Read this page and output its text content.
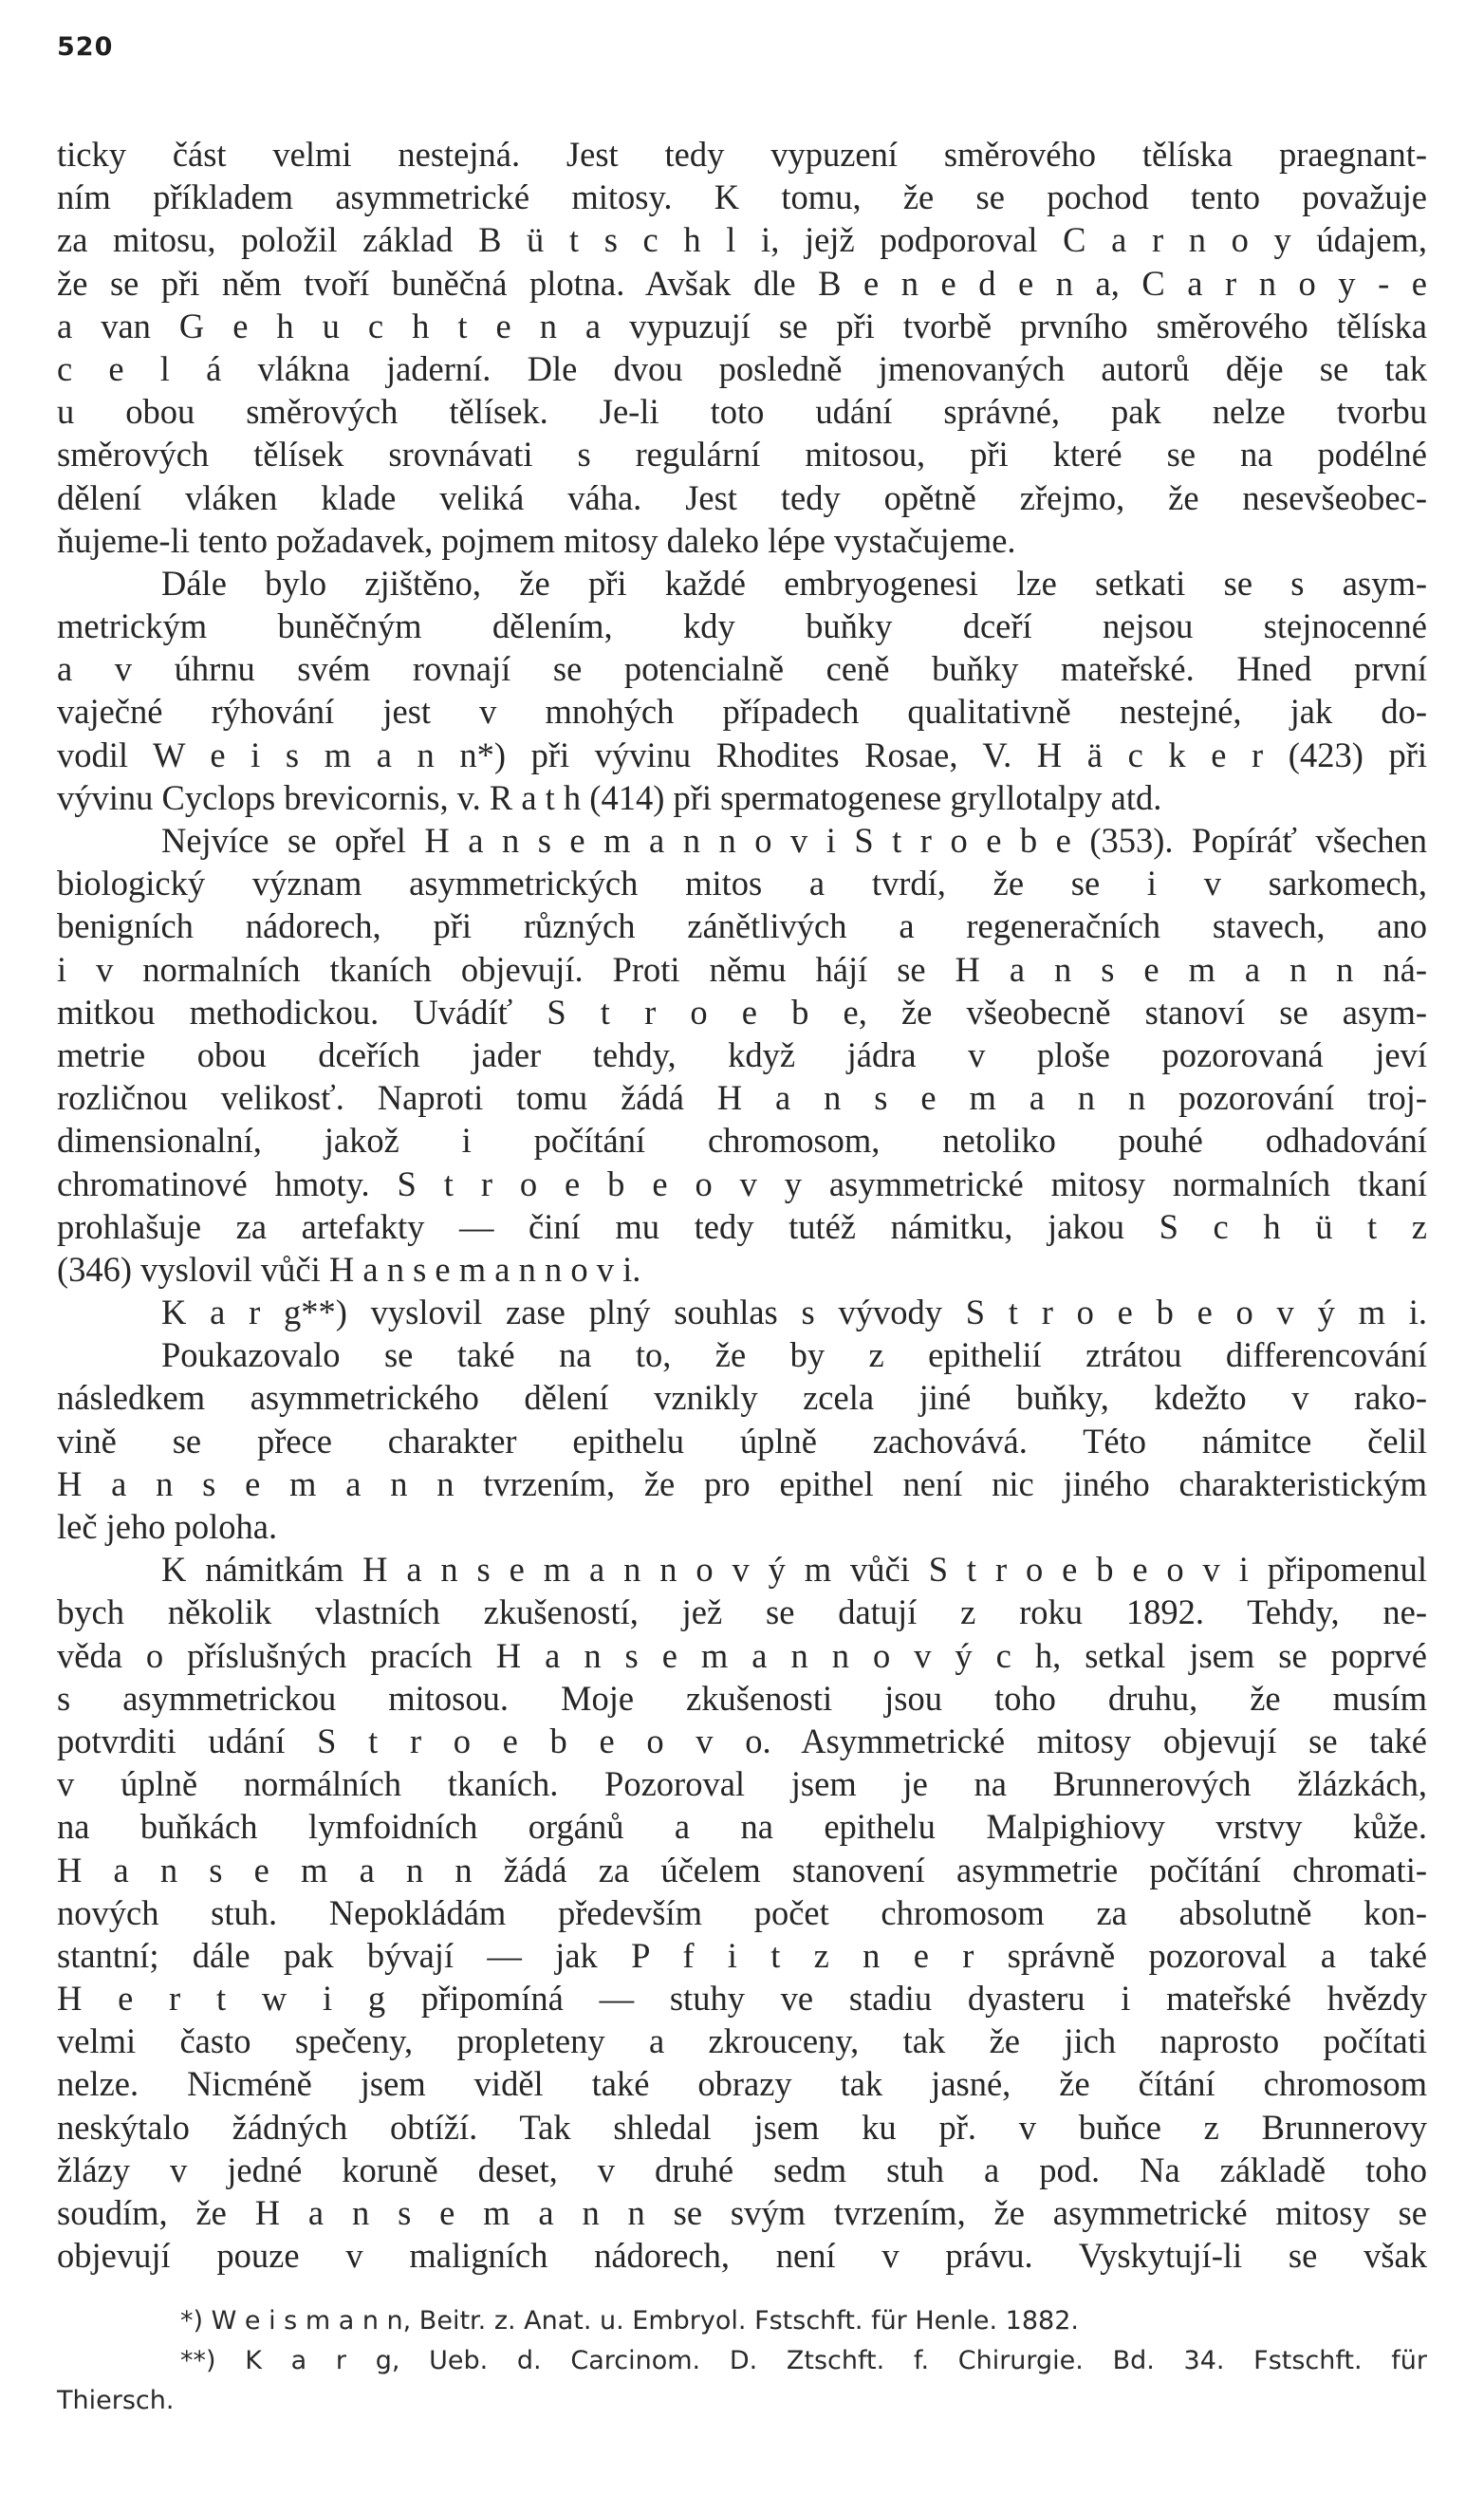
520
ticky část velmi nestejná. Jest tedy vypuzení směrového tělíska praegnant-
ním příkladem asymmetrické mitosy. K tomu, že se pochod tento považuje
za mitosu, položil základ B ü t s c h l i, jejž podporoval C a r n o y údajem,
že se při něm tvoří buněčná plotna. Avšak dle B e n e d e n a, C a r n o y - e
a van G e h u c h t e n a vypuzují se při tvorbě prvního směrového tělíska
c e l á vlákna jaderní. Dle dvou posledně jmenovaných autorů děje se tak
u obou směrových tělísek. Je-li toto udání správné, pak nelze tvorbu
směrových tělísek srovnávati s regulární mitosou, při které se na podélné
dělení vláken klade veliká váha. Jest tedy opětně zřejmo, že nesevšeobec-
ňujeme-li tento požadavek, pojmem mitosy daleko lépe vystačujeme.
Dále bylo zjištěno, že při každé embryogenesi lze setkati se s asym-
metrickým buněčným dělením, kdy buňky dceří nejsou stejnocenné
a v úhrnu svém rovnají se potencialně ceně buňky mateřské. Hned první
vaječné rýhování jest v mnohých případech qualitativně nestejné, jak do-
vodil W e i s m a n n*) při vývinu Rhodites Rosae, V. H ä c k e r (423) při
vývinu Cyclops brevicornis, v. R a t h (414) při spermatogenese gryllotalpy atd.
Nejvíce se opřel H a n s e m a n n o v i S t r o e b e (353). Popíráť všechen
biologický význam asymmetrických mitos a tvrdí, že se i v sarkomech,
benigních nádorech, při různých zánětlivých a regeneračních stavech, ano
i v normalních tkaních objevují. Proti němu hájí se H a n s e m a n n ná-
mitkou methodickou. Uvádíť S t r o e b e, že všeobecně stanoví se asym-
metrie obou dceřích jader tehdy, když jádra v ploše pozorovaná jeví
rozličnou velikosť. Naproti tomu žádá H a n s e m a n n pozorování troj-
dimensionalní, jakož i počítání chromosom, netoliko pouhé odhadování
chromatinové hmoty. S t r o e b e o v y asymmetrické mitosy normalních tkaní
prohlašuje za artefakty — činí mu tedy tutéž námitku, jakou S c h ü t z
(346) vyslovil vůči H a n s e m a n n o v i.
K a r g**) vyslovil zase plný souhlas s vývody S t r o e b e o v ý m i.
Poukazovalo se také na to, že by z epithelií ztrátou differencování
následkem asymmetrického dělení vznikly zcela jiné buňky, kdežto v rako-
vině se přece charakter epithelu úplně zachovává. Této námitce čelil
H a n s e m a n n tvrzením, že pro epithel není nic jiného charakteristickým
leč jeho poloha.
K námitkám H a n s e m a n n o v ý m vůči S t r o e b e o v i připomenul
bych několik vlastních zkušeností, jež se datují z roku 1892. Tehdy, ne-
věda o příslušných pracích H a n s e m a n n o v ý c h, setkal jsem se poprvé
s asymmetrickou mitosou. Moje zkušenosti jsou toho druhu, že musím
potvrditi udání S t r o e b e o v o. Asymmetrické mitosy objevují se také
v úplně normálních tkaních. Pozoroval jsem je na Brunnerových žlázkách,
na buňkách lymfoidních orgánů a na epithelu Malpighiovy vrstvy kůže.
H a n s e m a n n žádá za účelem stanovení asymmetrie počítání chromati-
nových stuh. Nepokládám především počet chromosom za absolutně kon-
stantní; dále pak bývají — jak P f i t z n e r správně pozoroval a také
H e r t w i g připomíná — stuhy ve stadiu dyasteru i mateřské hvězdy
velmi často spečeny, propleteny a zkrouceny, tak že jich naprosto počítati
nelze. Nicméně jsem viděl také obrazy tak jasné, že čítání chromosom
neskýtalo žádných obtíží. Tak shledal jsem ku př. v buňce z Brunnerovy
žlázy v jedné koruně deset, v druhé sedm stuh a pod. Na základě toho
soudím, že H a n s e m a n n se svým tvrzením, že asymmetrické mitosy se
objevují pouze v maligních nádorech, není v právu. Vyskytují-li se však
*) W e i s m a n n, Beitr. z. Anat. u. Embryol. Fstschft. für Henle. 1882.
**) K a r g, Ueb. d. Carcinom. D. Ztschft. f. Chirurgie. Bd. 34. Fstschft. für
Thiersch.
